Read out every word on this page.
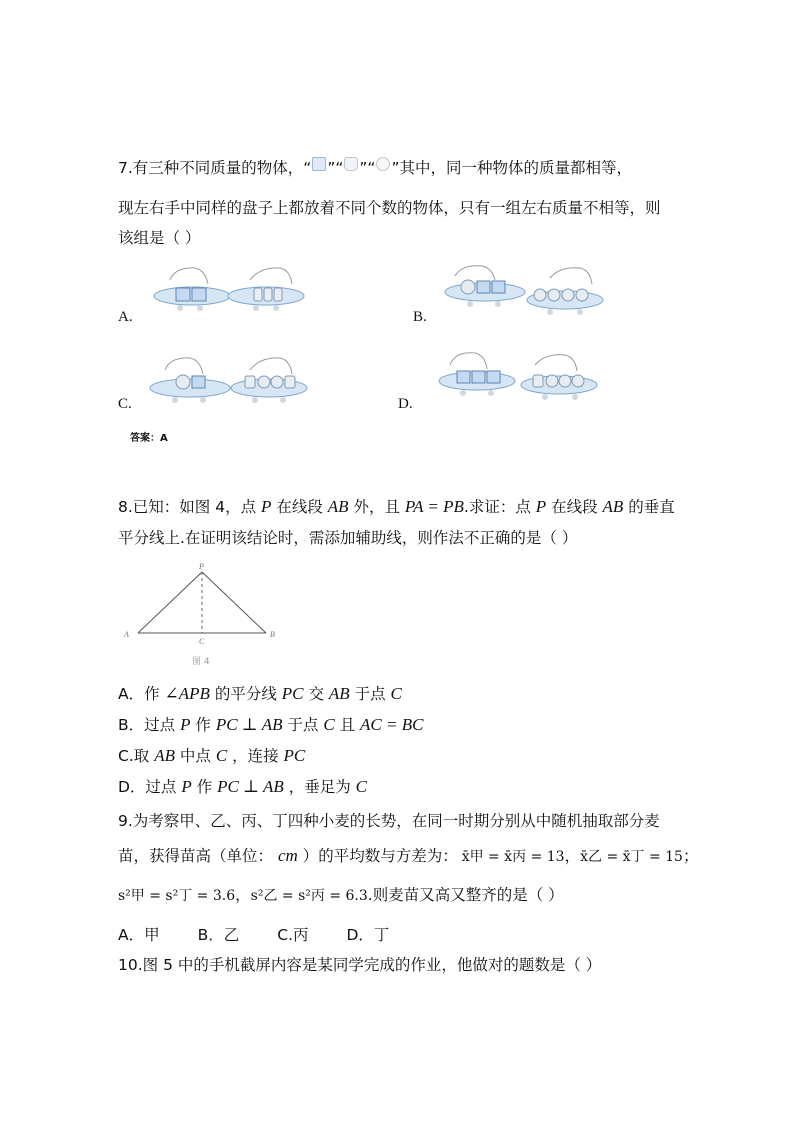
7.有三种不同质量的物体，“ ”“ ”“ ”其中，同一种物体的质量都相等，
现左右手中同样的盘子上都放着不同个数的物体，只有一组左右质量不相等，则
该组是（ ）
A.	B.
C.	D.
答案：A
8.已知：如图 4，点 P 在线段 AB 外，且 PA = PB.求证：点 P 在线段 AB 的垂直
平分线上.在证明该结论时，需添加辅助线，则作法不正确的是（ ）
P
A	B
C
图 4
A．作 ∠APB 的平分线 PC 交 AB 于点 C
B．过点 P 作 PC ⊥ AB 于点 C 且 AC = BC
C.取 AB 中点 C ，连接 PC
D．过点 P 作 PC ⊥ AB ，垂足为 C
9.为考察甲、乙、丙、丁四种小麦的长势，在同一时期分别从中随机抽取部分麦
苗，获得苗高（单位： cm ）的平均数与方差为： x̄甲 = x̄丙 = 13，x̄乙 = x̄丁 = 15；
s²甲 = s²丁 = 3.6，s²乙 = s²丙 = 6.3.则麦苗又高又整齐的是（ ）
A．甲 B．乙 C.丙 D．丁
10.图 5 中的手机截屏内容是某同学完成的作业，他做对的题数是（ ）
